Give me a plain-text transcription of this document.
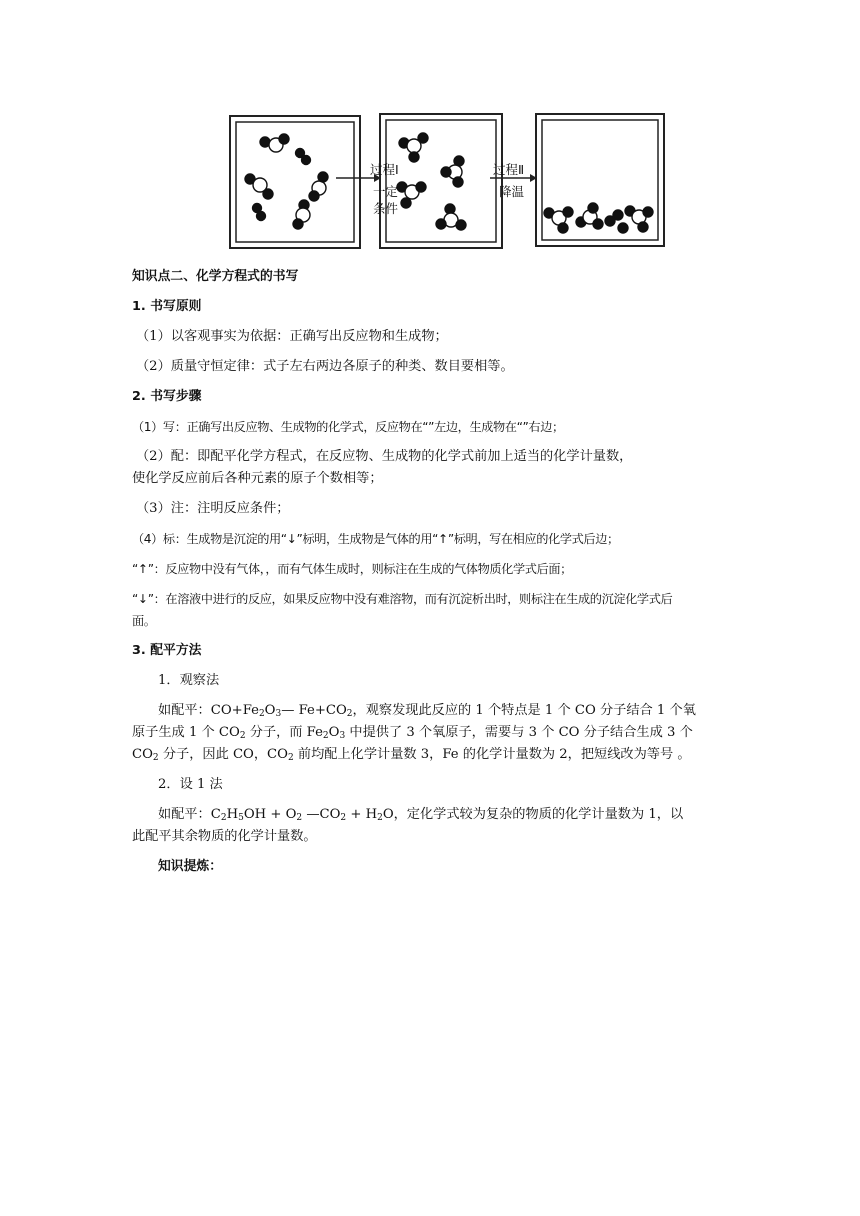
过程Ⅰ
一定
条件
过程Ⅱ
降温
知识点二、化学方程式的书写
1. 书写原则
（1）以客观事实为依据：正确写出反应物和生成物；
（2）质量守恒定律：式子左右两边各原子的种类、数目要相等。
2. 书写步骤
（1）写：正确写出反应物、生成物的化学式，反应物在“”左边，生成物在“”右边；
（2）配：即配平化学方程式，在反应物、生成物的化学式前加上适当的化学计量数，
使化学反应前后各种元素的原子个数相等；
（3）注：注明反应条件；
（4）标：生成物是沉淀的用“↓”标明，生成物是气体的用“↑”标明，写在相应的化学式后边；
“↑”：反应物中没有气体，，而有气体生成时，则标注在生成的气体物质化学式后面；
“↓”：在溶液中进行的反应，如果反应物中没有难溶物，而有沉淀析出时，则标注在生成的沉淀化学式后
面。
3. 配平方法
1．观察法
如配平：$CO+Fe_2O_3—$ $Fe+CO_2$，观察发现此反应的 1 个特点是 1 个 CO 分子结合 1 个氧
原子生成 1 个 $CO_2$ 分子，而 $Fe_2O_3$ 中提供了 3 个氧原子，需要与 3 个 CO 分子结合生成 3 个
$CO_2$ 分子，因此 CO，$CO_2$ 前均配上化学计量数 3，Fe 的化学计量数为 2，把短线改为等号 。
2．设 1 法
如配平：$C_2H_5OH + O_2$ $—CO_2 + H_2O$，定化学式较为复杂的物质的化学计量数为 1，以
此配平其余物质的化学计量数。
知识提炼：
